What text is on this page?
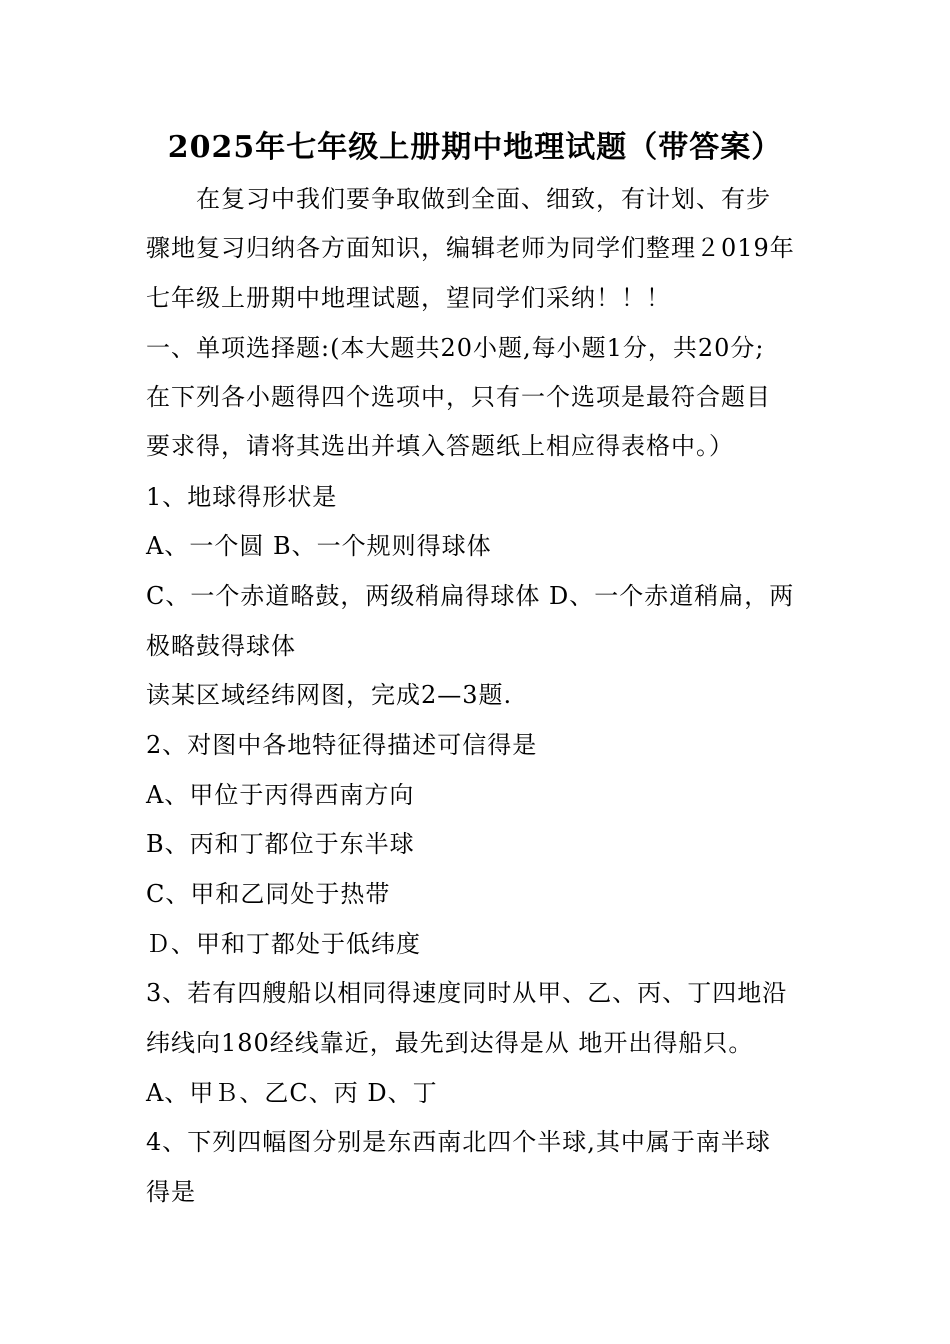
2025年七年级上册期中地理试题（带答案）
在复习中我们要争取做到全面、细致，有计划、有步
骤地复习归纳各方面知识，编辑老师为同学们整理２019年
七年级上册期中地理试题，望同学们采纳！！！
一、单项选择题:(本大题共20小题,每小题1分，共20分;
在下列各小题得四个选项中，只有一个选项是最符合题目
要求得，请将其选出并填入答题纸上相应得表格中。）
1、地球得形状是
A、一个圆 B、一个规则得球体
C、一个赤道略鼓，两级稍扁得球体 D、一个赤道稍扁，两
极略鼓得球体
读某区域经纬网图，完成2—3题.
2、对图中各地特征得描述可信得是
A、甲位于丙得西南方向
B、丙和丁都位于东半球
C、甲和乙同处于热带
Ｄ、甲和丁都处于低纬度
3、若有四艘船以相同得速度同时从甲、乙、丙、丁四地沿
纬线向180经线靠近，最先到达得是从 地开出得船只。
A、甲Ｂ、乙C、丙 D、丁
4、下列四幅图分别是东西南北四个半球,其中属于南半球
得是
